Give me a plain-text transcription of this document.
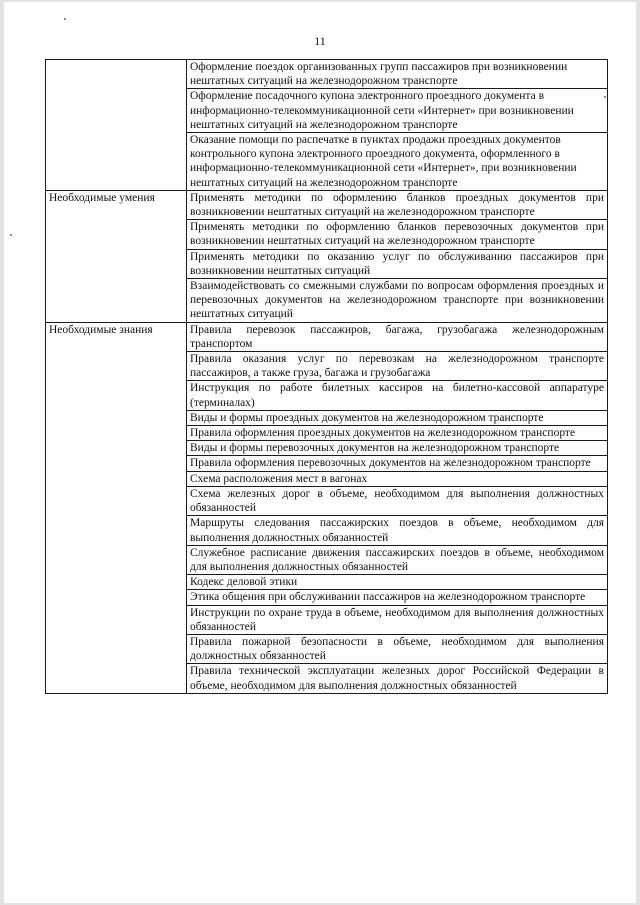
11
	Оформление поездок организованных групп пассажиров при возникновении нештатных ситуаций на железнодорожном транспорте
	Оформление посадочного купона электронного проездного документа в информационно-телекоммуникационной сети «Интернет» при возникновении нештатных ситуаций на железнодорожном транспорте
	Оказание помощи по распечатке в пунктах продажи проездных документов контрольного купона электронного проездного документа, оформленного в информационно-телекоммуникационной сети «Интернет», при возникновении нештатных ситуаций на железнодорожном транспорте
Необходимые умения	Применять методики по оформлению бланков проездных документов при возникновении нештатных ситуаций на железнодорожном транспорте
	Применять методики по оформлению бланков перевозочных документов при возникновении нештатных ситуаций на железнодорожном транспорте
	Применять методики по оказанию услуг по обслуживанию пассажиров при возникновении нештатных ситуаций
	Взаимодействовать со смежными службами по вопросам оформления проездных и перевозочных документов на железнодорожном транспорте при возникновении нештатных ситуаций
Необходимые знания	Правила перевозок пассажиров, багажа, грузобагажа железнодорожным транспортом
	Правила оказания услуг по перевозкам на железнодорожном транспорте пассажиров, а также груза, багажа и грузобагажа
	Инструкция по работе билетных кассиров на билетно-кассовой аппаратуре (терминалах)
	Виды и формы проездных документов на железнодорожном транспорте
	Правила оформления проездных документов на железнодорожном транспорте
	Виды и формы перевозочных документов на железнодорожном транспорте
	Правила оформления перевозочных документов на железнодорожном транспорте
	Схема расположения мест в вагонах
	Схема железных дорог в объеме, необходимом для выполнения должностных обязанностей
	Маршруты следования пассажирских поездов в объеме, необходимом для выполнения должностных обязанностей
	Служебное расписание движения пассажирских поездов в объеме, необходимом для выполнения должностных обязанностей
	Кодекс деловой этики
	Этика общения при обслуживании пассажиров на железнодорожном транспорте
	Инструкции по охране труда в объеме, необходимом для выполнения должностных обязанностей
	Правила пожарной безопасности в объеме, необходимом для выполнения должностных обязанностей
	Правила технической эксплуатации железных дорог Российской Федерации в объеме, необходимом для выполнения должностных обязанностей
